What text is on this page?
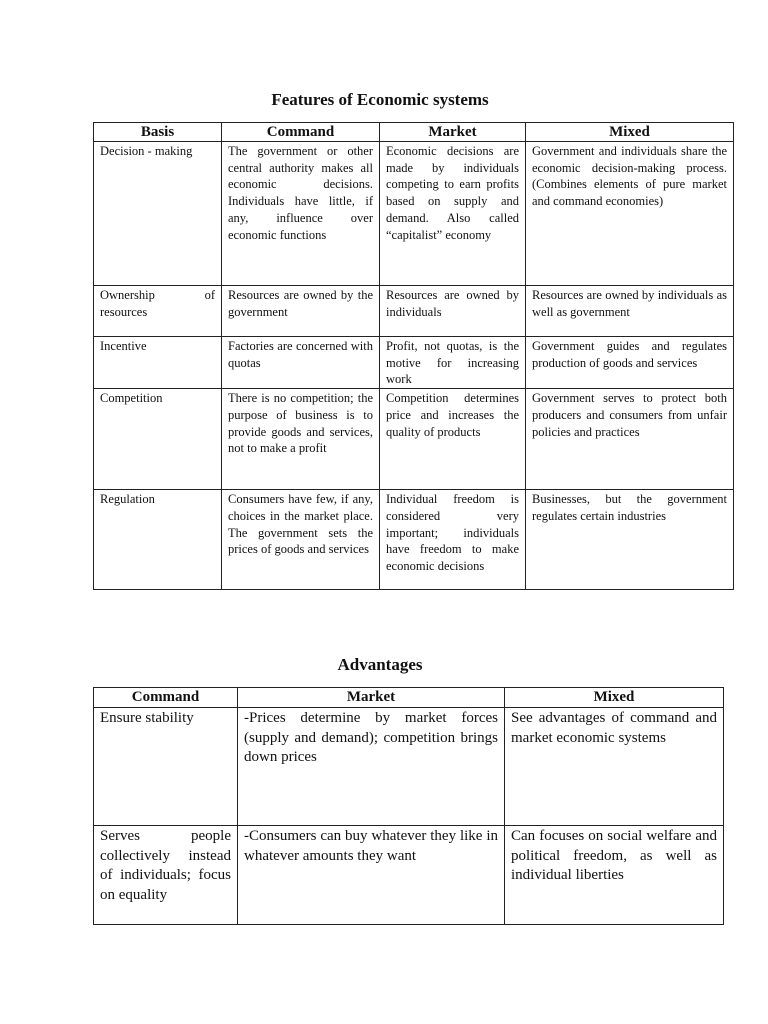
Features of Economic systems
Basis	Command	Market	Mixed
Decision - making	The government or other central authority makes all economic decisions. Individuals have little, if any, influence over economic functions	Economic decisions are made by individuals competing to earn profits based on supply and demand. Also called “capitalist” economy	Government and individuals share the economic decision-making process. (Combines elements of pure market and command economies)
Ownership of resources	Resources are owned by the government	Resources are owned by individuals	Resources are owned by individuals as well as government
Incentive	Factories are concerned with quotas	Profit, not quotas, is the motive for increasing work	Government guides and regulates production of goods and services
Competition	There is no competition; the purpose of business is to provide goods and services, not to make a profit	Competition determines price and increases the quality of products	Government serves to protect both producers and consumers from unfair policies and practices
Regulation	Consumers have few, if any, choices in the market place. The government sets the prices of goods and services	Individual freedom is considered very important; individuals have freedom to make economic decisions	Businesses, but the government regulates certain industries
Advantages
Command	Market	Mixed
Ensure stability	-Prices determine by market forces (supply and demand); competition brings down prices	See advantages of command and market economic systems
Serves people collectively instead of individuals; focus on equality	-Consumers can buy whatever they like in whatever amounts they want	Can focuses on social welfare and political freedom, as well as individual liberties
